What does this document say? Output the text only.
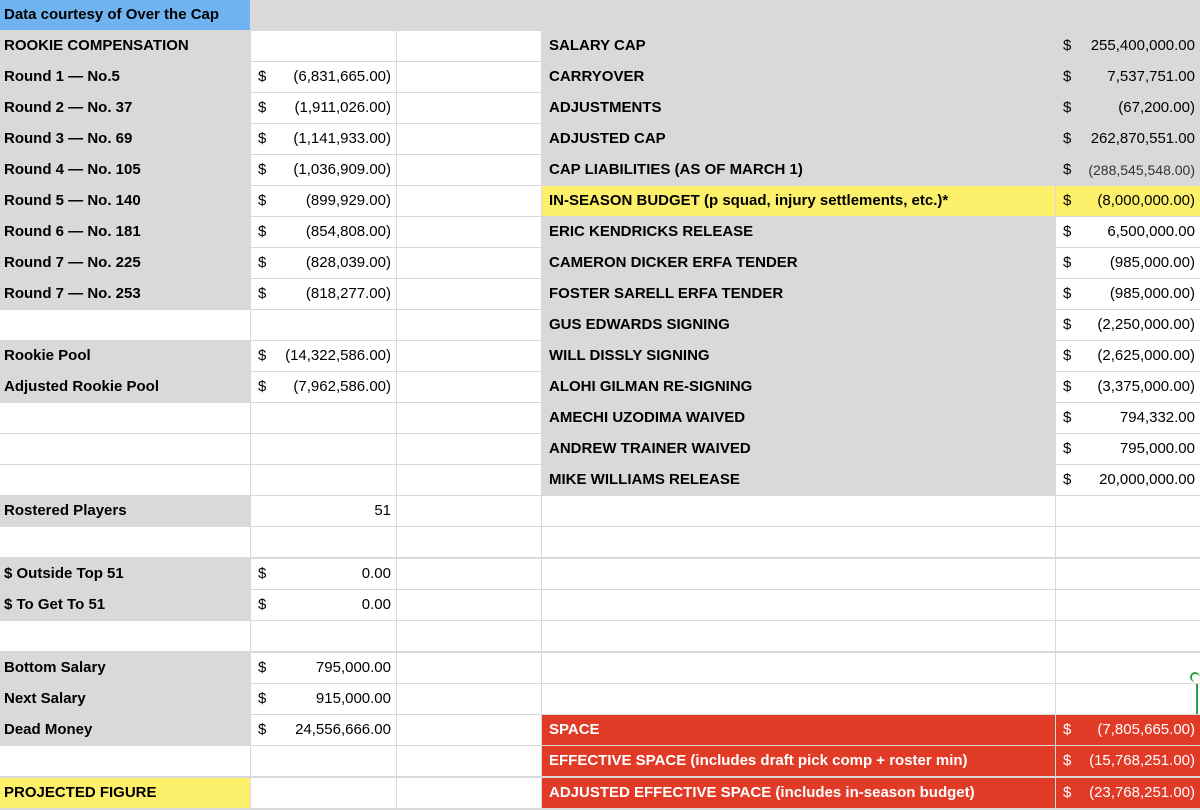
Data courtesy of Over the Cap
ROOKIE COMPENSATION	SALARY CAP	$ 255,400,000.00
Round 1 — No.5	$ (6,831,665.00)	CARRYOVER	$ 7,537,751.00
Round 2 — No. 37	$ (1,911,026.00)	ADJUSTMENTS	$	(67,200.00)
Round 3 — No. 69	$ (1,141,933.00)	ADJUSTED CAP	$ 262,870,551.00
Round 4 — No. 105	$ (1,036,909.00)	CAP LIABILITIES (AS OF MARCH 1)	$ (288,545,548.00)
Round 5 — No. 140	$	(899,929.00)	IN-SEASON BUDGET (p squad, injury settlements, etc.)*	$ (8,000,000.00)
Round 6 — No. 181	$	(854,808.00)	ERIC KENDRICKS RELEASE	$ 6,500,000.00
Round 7 — No. 225	$	(828,039.00)	CAMERON DICKER ERFA TENDER	$	(985,000.00)
Round 7 — No. 253	$	(818,277.00)	FOSTER SARELL ERFA TENDER	$	(985,000.00)
GUS EDWARDS SIGNING	$ (2,250,000.00)
Rookie Pool	$ (14,322,586.00)	WILL DISSLY SIGNING	$ (2,625,000.00)
Adjusted Rookie Pool	$ (7,962,586.00)	ALOHI GILMAN RE-SIGNING	$ (3,375,000.00)
AMECHI UZODIMA WAIVED	$	794,332.00
ANDREW TRAINER WAIVED	$	795,000.00
MIKE WILLIAMS RELEASE	$ 20,000,000.00
Rostered Players	51
$ Outside Top 51	$	0.00
$ To Get To 51	$	0.00
Bottom Salary	$	795,000.00
Next Salary	$	915,000.00
Dead Money	$ 24,556,666.00	SPACE	$ (7,805,665.00)
EFFECTIVE SPACE (includes draft pick comp + roster min)	$ (15,768,251.00)
PROJECTED FIGURE	ADJUSTED EFFECTIVE SPACE (includes in-season budget)	$ (23,768,251.00)
